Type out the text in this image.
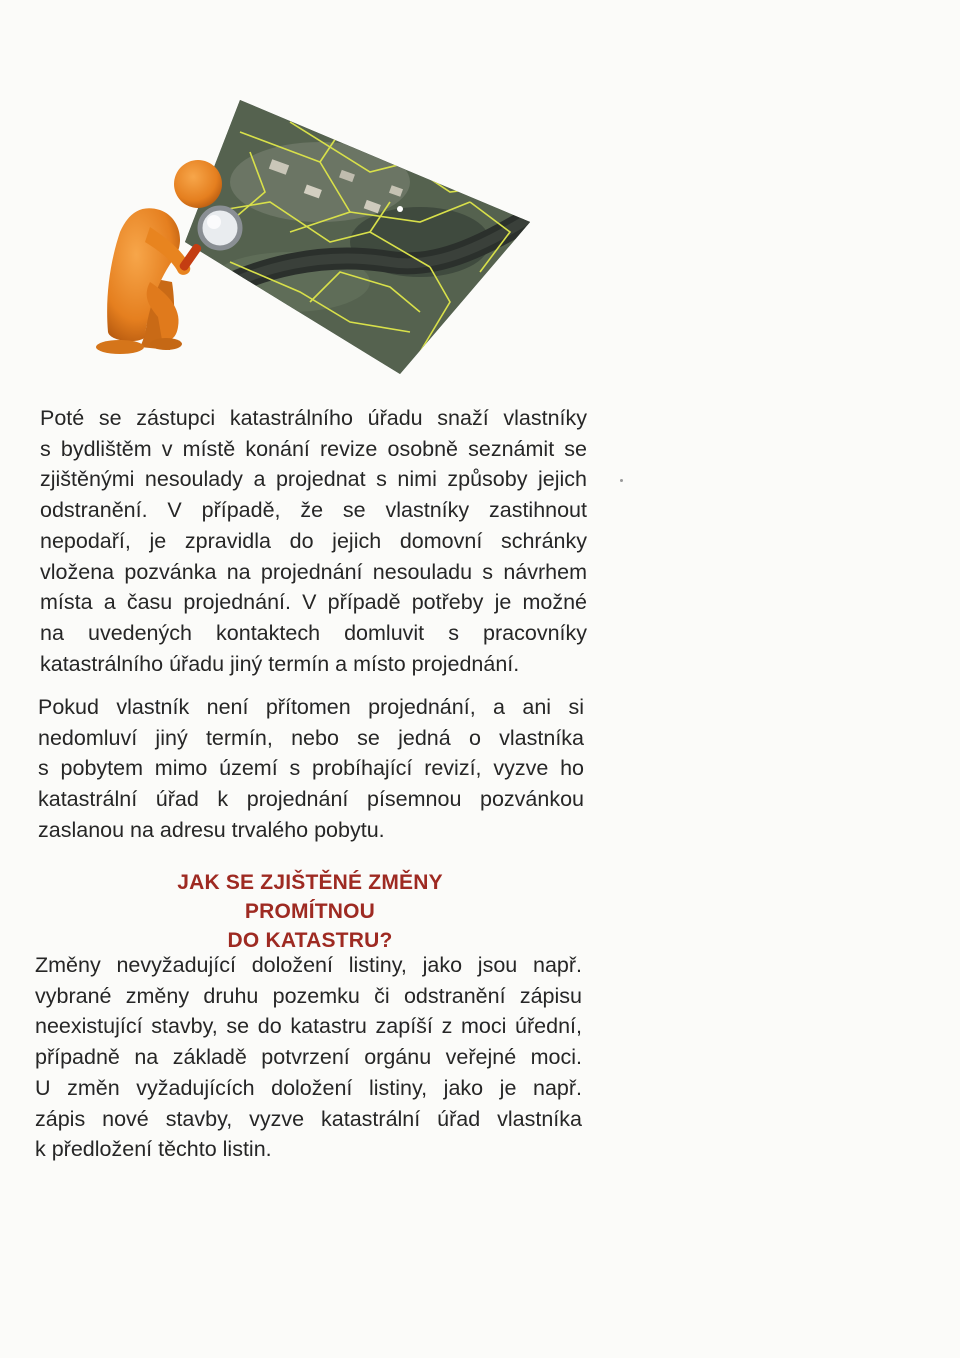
Poté se zástupci katastrálního úřadu snaží vlastníky
s bydlištěm v místě konání revize osobně seznámit se
zjištěnými nesoulady a projednat s nimi způsoby jejich
odstranění. V případě, že se vlastníky zastihnout
nepodaří, je zpravidla do jejich domovní schránky
vložena pozvánka na projednání nesouladu s návrhem
místa a času projednání. V případě potřeby je možné
na uvedených kontaktech domluvit s pracovníky
katastrálního úřadu jiný termín a místo projednání.

Pokud vlastník není přítomen projednání, a ani si
nedomluví jiný termín, nebo se jedná o vlastníka
s pobytem mimo území s probíhající revizí, vyzve ho
katastrální úřad k projednání písemnou pozvánkou
zaslanou na adresu trvalého pobytu.

JAK SE ZJIŠTĚNÉ ZMĚNY PROMÍTNOU
DO KATASTRU?

Změny nevyžadující doložení listiny, jako jsou např.
vybrané změny druhu pozemku či odstranění zápisu
neexistující stavby, se do katastru zapíší z moci úřední,
případně na základě potvrzení orgánu veřejné moci.
U změn vyžadujících doložení listiny, jako je např.
zápis nové stavby, vyzve katastrální úřad vlastníka
k předložení těchto listin.
